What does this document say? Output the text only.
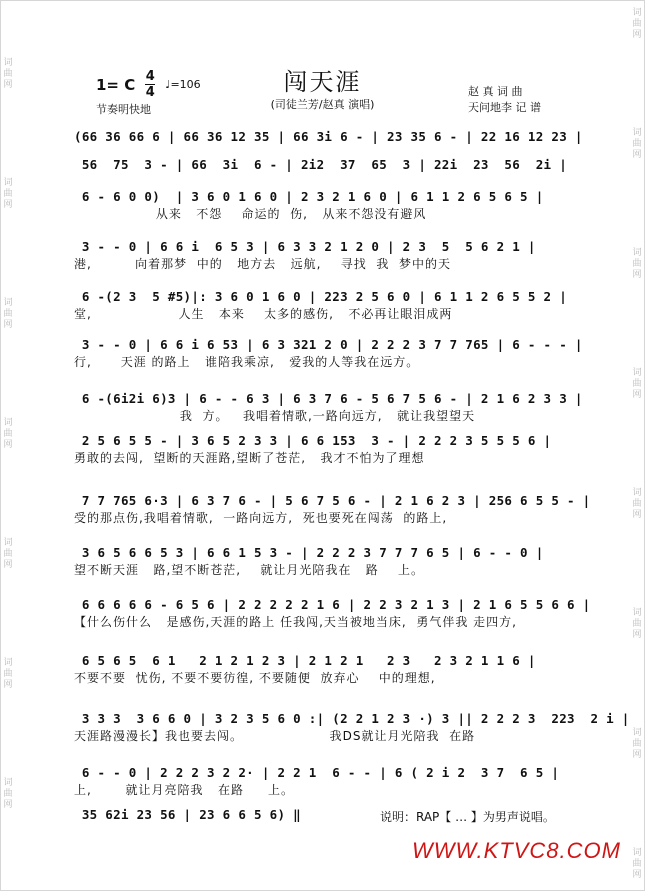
词曲网
词曲网
词曲网
词曲网
词曲网
词曲网
词曲网
词曲网
词曲网
词曲网
词曲网
词曲网
词曲网
词曲网
词曲网
1= C 4
4
♩=106
节奏明快地
闯天涯
(司徒兰芳/赵真 演唱)
赵 真 词 曲
天问地李 记 谱
(66 36 66 6 | 66 36 12 35 | 66 3i 6 - | 23 35 6 - | 22 16 12 23 |
56  75  3 - | 66  3i  6 - | 2i2  37  65  3 | 22i  23  56  2i |
6 - 6 0 0)  | 3 6 0 1 6 0 | 2 3 2 1 6 0 | 6 1 1 2 6 5 6 5 |
从来   不怨    命运的  伤,   从来不怨没有避风
3 - - 0 | 6 6 i  6 5 3 | 6 3 3 2 1 2 0 | 2 3  5  5 6 2 1 |
港,         向着那梦  中的   地方去   远航,    寻找  我  梦中的天
6 -(2 3  5 #5)|: 3 6 0 1 6 0 | 223 2 5 6 0 | 6 1 1 2 6 5 5 2 |
堂,                  人生   本来    太多的感伤,   不必再让眼泪成两
3 - - 0 | 6 6 i 6 53 | 6 3 321 2 0 | 2 2 2 3 7 7 765 | 6 - - - |
行,      天涯 的路上   谁陪我乘凉,   爱我的人等我在远方。
6 -(6i2i 6)3 | 6 - - 6 3 | 6 3 7 6 - 5 6 7 5 6 - | 2 1 6 2 3 3 |
我  方。   我唱着情歌,一路向远方,   就让我望望天
2 5 6 5 5 - | 3 6 5 2 3 3 | 6 6 153  3 - | 2 2 2 3 5 5 5 6 |
勇敢的去闯,  望断的天涯路,望断了苍茫,   我才不怕为了理想
7 7 765 6·3 | 6 3 7 6 - | 5 6 7 5 6 - | 2 1 6 2 3 | 256 6 5 5 - |
受的那点伤,我唱着情歌,  一路向远方,  死也要死在闯荡  的路上,
3 6 5 6 6 5 3 | 6 6 1 5 3 - | 2 2 2 3 7 7 7 6 5 | 6 - - 0 |
望不断天涯   路,望不断苍茫,    就让月光陪我在   路    上。
6 6 6 6 6 - 6 5 6 | 2 2 2 2 2 1 6 | 2 2 3 2 1 3 | 2 1 6 5 5 6 6 |
【什么伤什么   是感伤,天涯的路上 任我闯,天当被地当床,  勇气伴我 走四方,
6 5 6 5  6 1   2 1 2 1 2 3 | 2 1 2 1   2 3   2 3 2 1 1 6 |
不要不要  忧伤, 不要不要彷徨, 不要随便  放弃心    中的理想,
3 3 3  3 6 6 0 | 3 2 3 5 6 0 :| (2 2 1 2 3 ·) 3 || 2 2 2 3  223  2 i |
天涯路漫漫长】我也要去闯。                  我DS就让月光陪我  在路
6 - - 0 | 2 2 2 3 2 2· | 2 2 1  6 - - | 6 ( 2 i 2  3 7  6 5 |
上,       就让月亮陪我   在路     上。
35 62i 23 56 | 23 6 6 5 6) ‖	说明：RAP【 … 】为男声说唱。
WWW.KTVC8.COM
